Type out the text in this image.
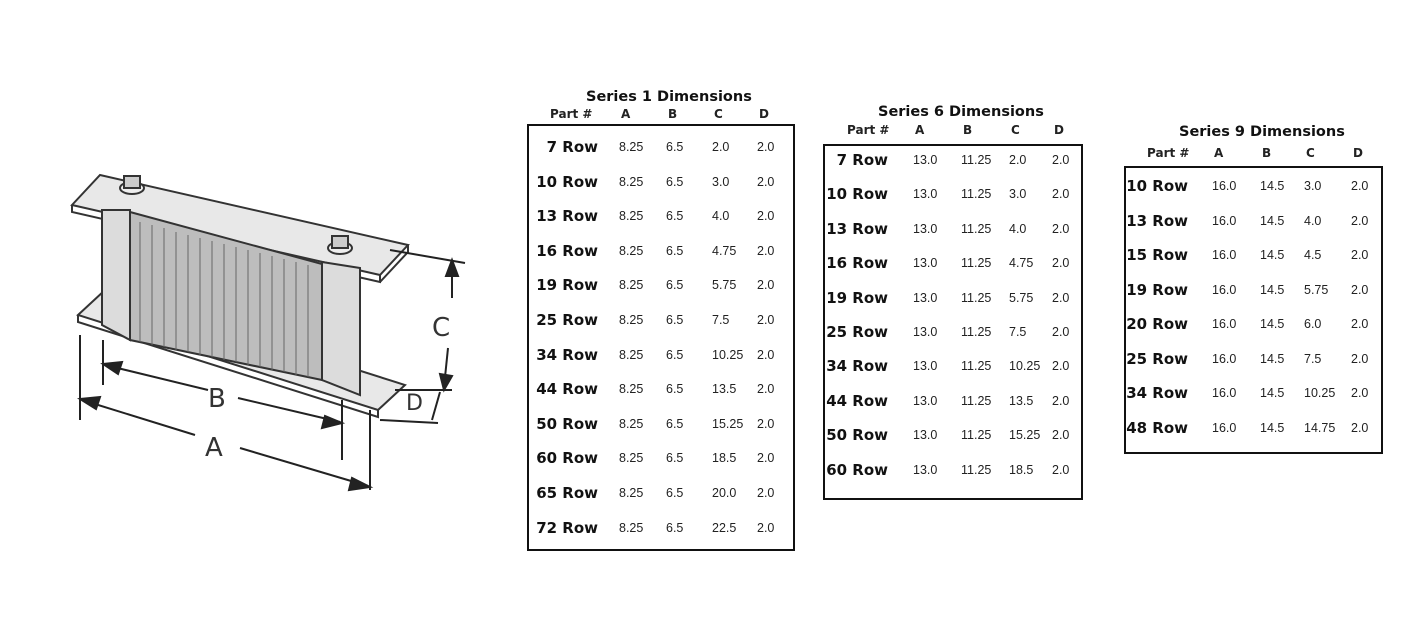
B
A
C
D
Series 1 Dimensions
Part # A	B	C	D
7 Row 8.25 6.5 2.0 2.0
10 Row 8.25 6.5 3.0 2.0
13 Row 8.25 6.5 4.0 2.0
16 Row 8.25 6.5 4.75 2.0
19 Row 8.25 6.5 5.75 2.0
25 Row 8.25 6.5 7.5 2.0
34 Row 8.25 6.5 10.25 2.0
44 Row 8.25 6.5 13.5 2.0
50 Row 8.25 6.5 15.25 2.0
60 Row 8.25 6.5 18.5 2.0
65 Row 8.25 6.5 20.0 2.0
72 Row 8.25 6.5 22.5 2.0
Series 6 Dimensions
Part # A	B	C	D
7 Row 13.0 11.25 2.0 2.0
10 Row 13.0 11.25 3.0 2.0
13 Row 13.0 11.25 4.0 2.0
16 Row 13.0 11.25 4.75 2.0
19 Row 13.0 11.25 5.75 2.0
25 Row 13.0 11.25 7.5 2.0
34 Row 13.0 11.25 10.25 2.0
44 Row 13.0 11.25 13.5 2.0
50 Row 13.0 11.25 15.25 2.0
60 Row 13.0 11.25 18.5 2.0
Series 9 Dimensions
Part # A	B	C	D
10 Row 16.0 14.5 3.0 2.0
13 Row 16.0 14.5 4.0 2.0
15 Row 16.0 14.5 4.5 2.0
19 Row 16.0 14.5 5.75 2.0
20 Row 16.0 14.5 6.0 2.0
25 Row 16.0 14.5 7.5 2.0
34 Row 16.0 14.5 10.25 2.0
48 Row 16.0 14.5 14.75 2.0
